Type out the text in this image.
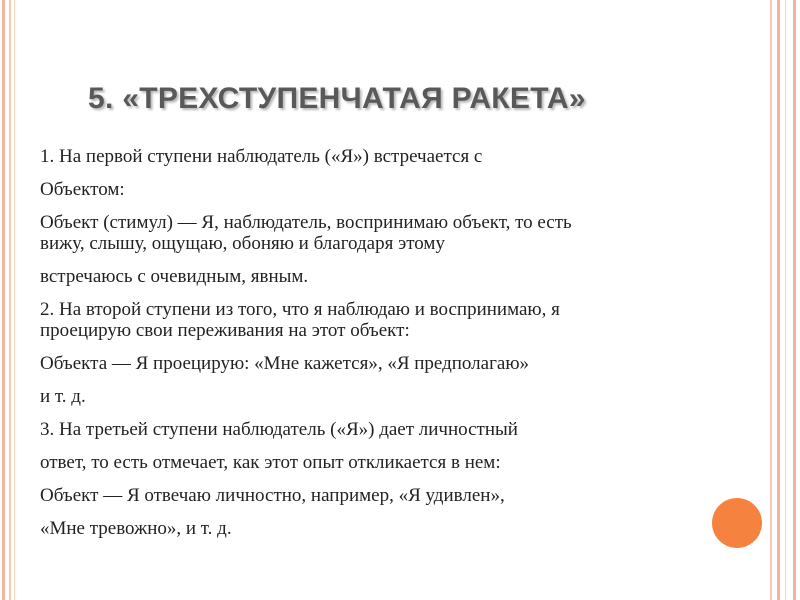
5. «ТРЕХСТУПЕНЧАТАЯ РАКЕТА»
1. На первой ступени наблюдатель («Я») встречается с
Объектом:
Объект (стимул) — Я, наблюдатель, воспринимаю объект, то есть
вижу, слышу, ощущаю, обоняю и благодаря этому
встречаюсь с очевидным, явным.
2. На второй ступени из того, что я наблюдаю и воспринимаю, я
проецирую свои переживания на этот объект:
Объекта — Я проецирую: «Мне кажется», «Я предполагаю»
и т. д.
3. На третьей ступени наблюдатель («Я») дает личностный
ответ, то есть отмечает, как этот опыт откликается в нем:
Объект — Я отвечаю личностно, например, «Я удивлен»,
«Мне тревожно», и т. д.
